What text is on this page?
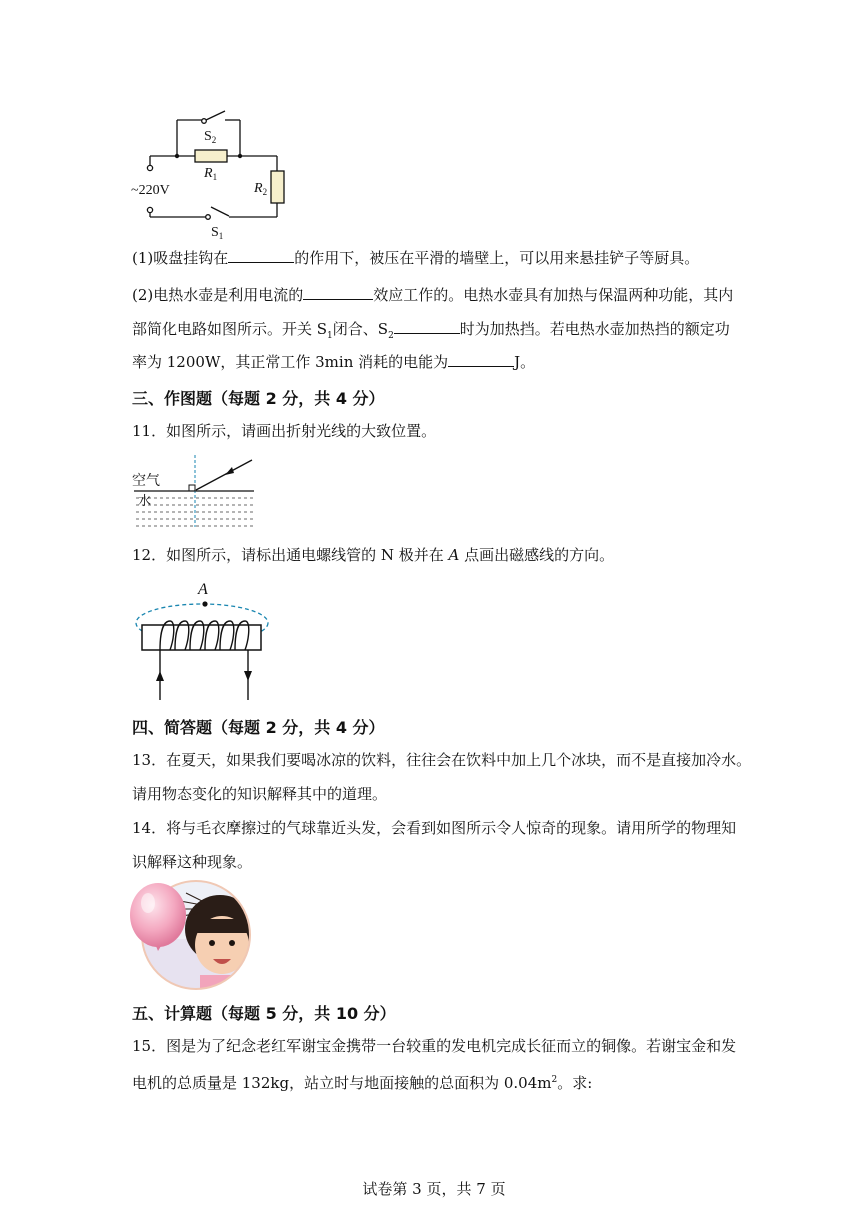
$S_2$
$R_1$
$R_2$
~220V
$S_1$
(1)吸盘挂钩在	的作用下，被压在平滑的墙壁上，可以用来悬挂铲子等厨具。
(2)电热水壶是利用电流的	效应工作的。电热水壶具有加热与保温两种功能，其内
部简化电路如图所示。开关 $S_1$闭合、$S_2$	时为加热挡。若电热水壶加热挡的额定功
率为 1200W，其正常工作 3min 消耗的电能为	J。
三、作图题（每题 2 分，共 4 分）
11．如图所示，请画出折射光线的大致位置。
空气
水
12．如图所示，请标出通电螺线管的 N 极并在 A 点画出磁感线的方向。
A
四、简答题（每题 2 分，共 4 分）
13．在夏天，如果我们要喝冰凉的饮料，往往会在饮料中加上几个冰块，而不是直接加冷水。
请用物态变化的知识解释其中的道理。
14．将与毛衣摩擦过的气球靠近头发，会看到如图所示令人惊奇的现象。请用所学的物理知
识解释这种现象。
五、计算题（每题 5 分，共 10 分）
15．图是为了纪念老红军谢宝金携带一台较重的发电机完成长征而立的铜像。若谢宝金和发
电机的总质量是 132kg，站立时与地面接触的总面积为 $0.04m^2$。求:
试卷第 3 页，共 7 页
